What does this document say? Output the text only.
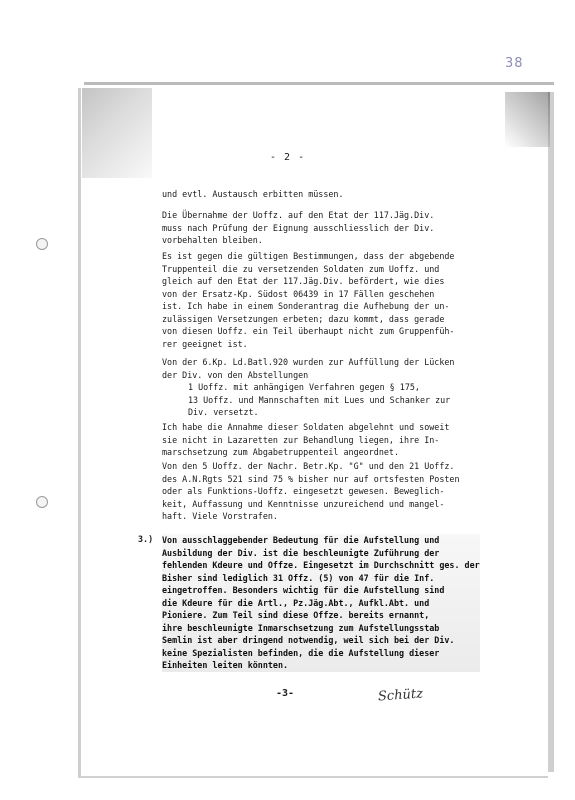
38
- 2 -
und evtl. Austausch erbitten müssen.
Die Übernahme der Uoffz. auf den Etat der 117.Jäg.Div.
muss nach Prüfung der Eignung ausschliesslich der Div.
vorbehalten bleiben.
Es ist gegen die gültigen Bestimmungen, dass der abgebende
Truppenteil die zu versetzenden Soldaten zum Uoffz. und
gleich auf den Etat der 117.Jäg.Div. befördert, wie dies
von der Ersatz-Kp. Südost 06439 in 17 Fällen geschehen
ist. Ich habe in einem Sonderantrag die Aufhebung der un-
zulässigen Versetzungen erbeten; dazu kommt, dass gerade
von diesen Uoffz. ein Teil überhaupt nicht zum Gruppenfüh-
rer geeignet ist.
Von der 6.Kp. Ld.Batl.920 wurden zur Auffüllung der Lücken
der Div. von den Abstellungen
1 Uoffz. mit anhängigen Verfahren gegen § 175,
13 Uoffz. und Mannschaften mit Lues und Schanker zur
Div. versetzt.
Ich habe die Annahme dieser Soldaten abgelehnt und soweit
sie nicht in Lazaretten zur Behandlung liegen, ihre In-
marschsetzung zum Abgabetruppenteil angeordnet.
Von den 5 Uoffz. der Nachr. Betr.Kp. "G" und den 21 Uoffz.
des A.N.Rgts 521 sind 75 % bisher nur auf ortsfesten Posten
oder als Funktions-Uoffz. eingesetzt gewesen. Beweglich-
keit, Auffassung und Kenntnisse unzureichend und mangel-
haft. Viele Vorstrafen.
3.) Von ausschlaggebender Bedeutung für die Aufstellung und
Ausbildung der Div. ist die beschleunigte Zuführung der
fehlenden Kdeure und Offze. Eingesetzt im Durchschnitt ges. der
Bisher sind lediglich 31 Offz. (5) von 47 für die Inf.
eingetroffen. Besonders wichtig für die Aufstellung sind
die Kdeure für die Artl., Pz.Jäg.Abt., Aufkl.Abt. und
Pioniere. Zum Teil sind diese Offze. bereits ernannt,
ihre beschleunigte Inmarschsetzung zum Aufstellungsstab
Semlin ist aber dringend notwendig, weil sich bei der Div.
keine Spezialisten befinden, die die Aufstellung dieser
Einheiten leiten könnten.
-3-	Schütz
